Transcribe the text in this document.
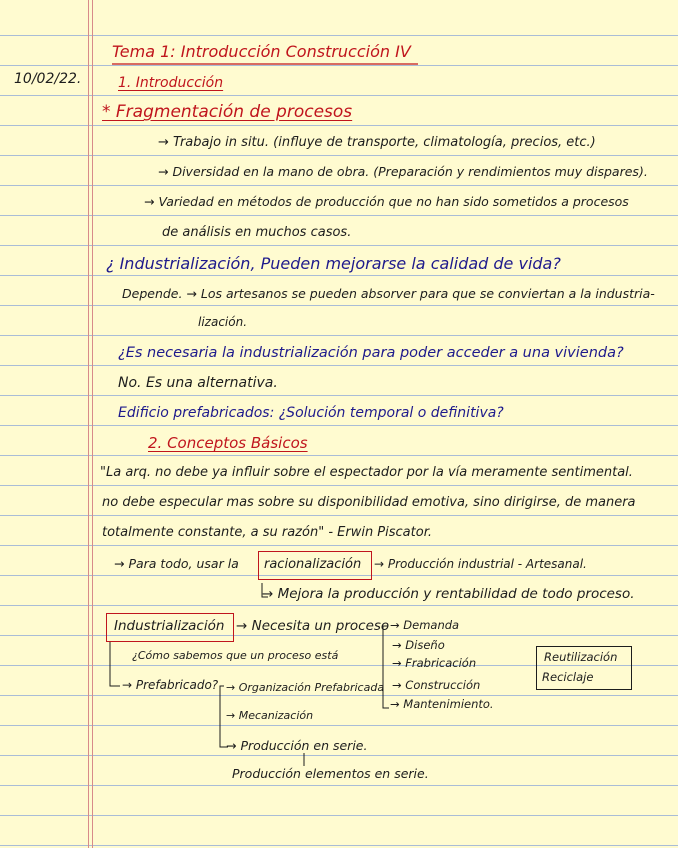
10/02/22.
Tema 1: Introducción Construcción IV
1. Introducción
* Fragmentación de procesos
→ Trabajo in situ. (influye de transporte, climatología, precios, etc.)
→ Diversidad en la mano de obra. (Preparación y rendimientos muy dispares).
→ Variedad en métodos de producción que no han sido sometidos a procesos
de análisis en muchos casos.
¿ Industrialización, Pueden mejorarse la calidad de vida?
Depende. → Los artesanos se pueden absorver para que se conviertan a la industria-
lización.
¿Es necesaria la industrialización para poder acceder a una vivienda?
No. Es una alternativa.
Edificio prefabricados: ¿Solución temporal o definitiva?
2. Conceptos Básicos
"La arq. no debe ya influir sobre el espectador por la vía meramente sentimental.
no debe especular mas sobre su disponibilidad emotiva, sino dirigirse, de manera
totalmente constante, a su razón" - Erwin Piscator.
→ Para todo, usar la racionalización → Producción industrial - Artesanal.
→ Mejora la producción y rentabilidad de todo proceso.
Industrialización → Necesita un proceso
¿Cómo sabemos que un proceso está
→ Prefabricado?
→ Demanda
→ Diseño
→ Frabricación
→ Construcción
→ Mantenimiento.
Reutilización
Reciclaje
→ Organización Prefabricada
→ Mecanización
→ Producción en serie.
Producción elementos en serie.
